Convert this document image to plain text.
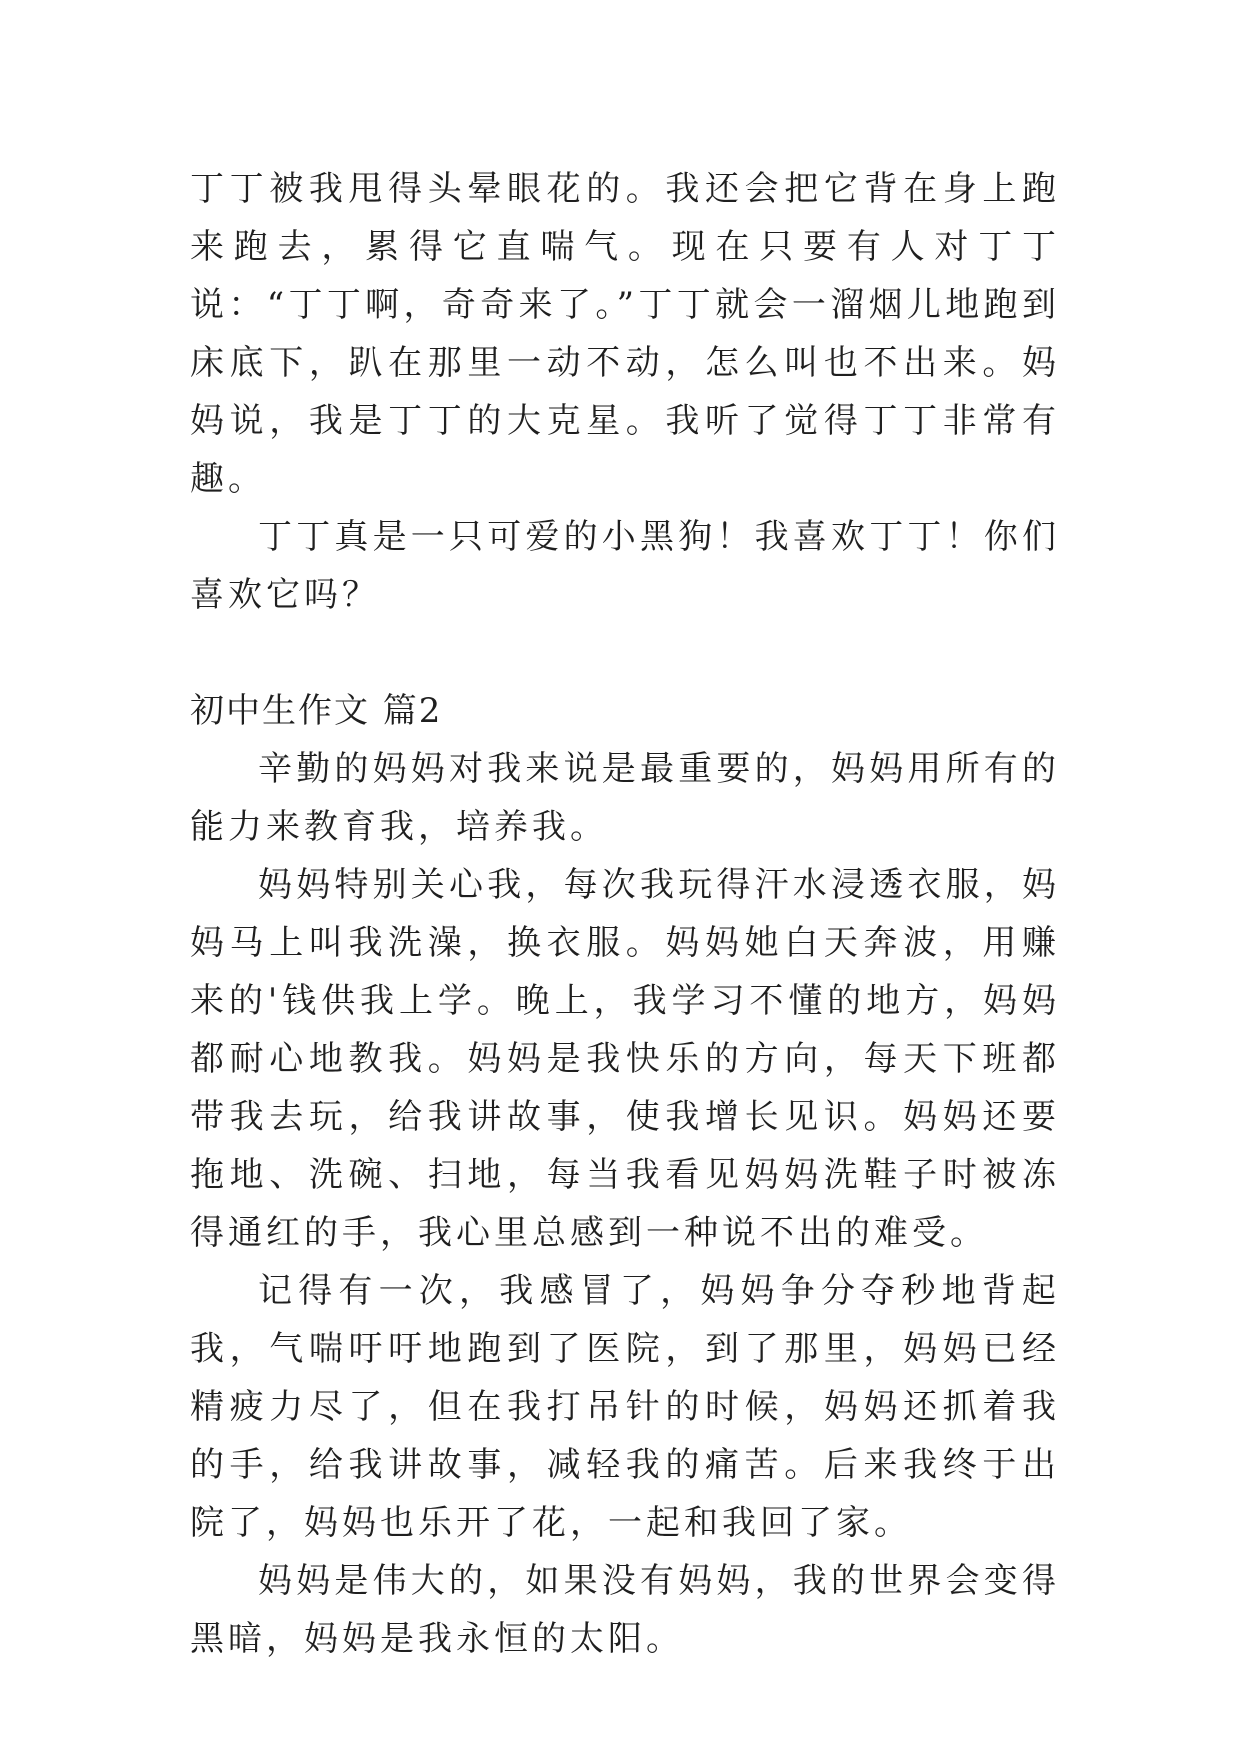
丁丁被我甩得头晕眼花的。我还会把它背在身上跑来跑去，累得它直喘气。现在只要有人对丁丁说：“丁丁啊，奇奇来了。”丁丁就会一溜烟儿地跑到床底下，趴在那里一动不动，怎么叫也不出来。妈妈说，我是丁丁的大克星。我听了觉得丁丁非常有趣。

丁丁真是一只可爱的小黑狗！我喜欢丁丁！你们喜欢它吗？

初中生作文 篇2

辛勤的妈妈对我来说是最重要的，妈妈用所有的能力来教育我，培养我。

妈妈特别关心我，每次我玩得汗水浸透衣服，妈妈马上叫我洗澡，换衣服。妈妈她白天奔波，用赚来的'钱供我上学。晚上，我学习不懂的地方，妈妈都耐心地教我。妈妈是我快乐的方向，每天下班都带我去玩，给我讲故事，使我增长见识。妈妈还要拖地、洗碗、扫地，每当我看见妈妈洗鞋子时被冻得通红的手，我心里总感到一种说不出的难受。

记得有一次，我感冒了，妈妈争分夺秒地背起我，气喘吁吁地跑到了医院，到了那里，妈妈已经精疲力尽了，但在我打吊针的时候，妈妈还抓着我的手，给我讲故事，减轻我的痛苦。后来我终于出院了，妈妈也乐开了花，一起和我回了家。

妈妈是伟大的，如果没有妈妈，我的世界会变得黑暗，妈妈是我永恒的太阳。
